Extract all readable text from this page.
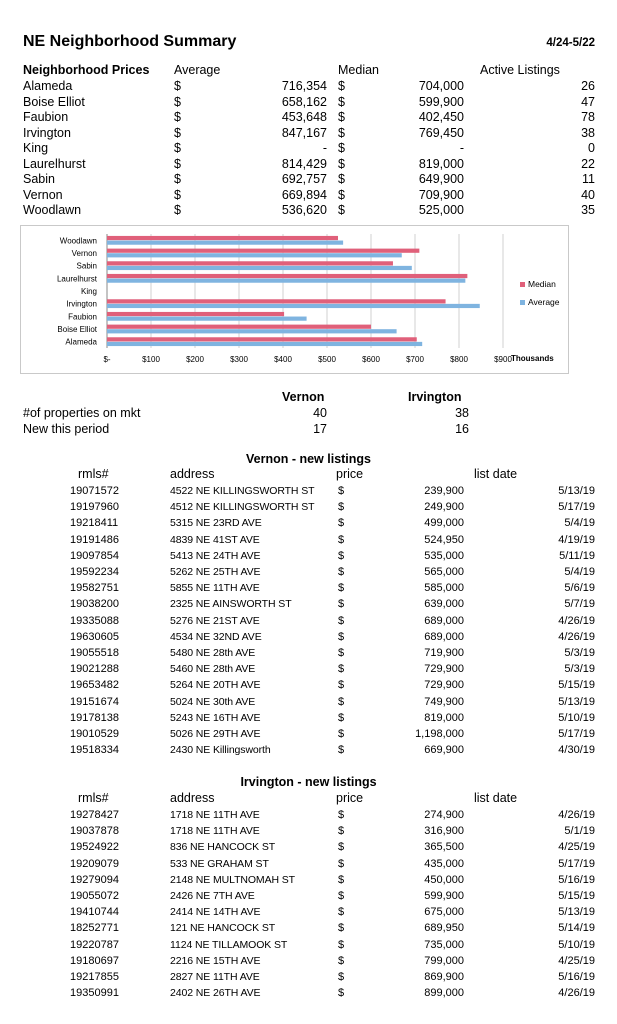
NE Neighborhood Summary	4/24-5/22
Neighborhood Prices Average	Median	Active Listings
Alameda	$	716,354 $	704,000	26
Boise Elliot	$	658,162 $	599,900	47
Faubion	$	453,648 $	402,450	78
Irvington	$	847,167 $	769,450	38
King	$	- $	-	0
Laurelhurst	$	814,429 $	819,000	22
Sabin	$	692,757 $	649,900	11
Vernon	$	669,894 $	709,900	40
Woodlawn	$	536,620 $	525,000	35
$-	$100	$200	$300	$400	$500	$600	$700	$800	$900 Thousands
Woodlawn
Vernon
Sabin
Laurelhurst
King
Irvington
Faubion
Boise Elliot
Alameda
Median
Average
Vernon	Irvington
#of properties on mkt	40	38
New this period	17	16
Vernon - new listings
rmls#	address	price	list date
19071572	4522 NE KILLINGSWORTH ST $	239,900	5/13/19
19197960	4512 NE KILLINGSWORTH ST $	249,900	5/17/19
19218411	5315 NE 23RD AVE	$	499,000	5/4/19
19191486	4839 NE 41ST AVE	$	524,950	4/19/19
19097854	5413 NE 24TH AVE	$	535,000	5/11/19
19592234	5262 NE 25TH AVE	$	565,000	5/4/19
19582751	5855 NE 11TH AVE	$	585,000	5/6/19
19038200	2325 NE AINSWORTH ST	$	639,000	5/7/19
19335088	5276 NE 21ST AVE	$	689,000	4/26/19
19630605	4534 NE 32ND AVE	$	689,000	4/26/19
19055518	5480 NE 28th AVE	$	719,900	5/3/19
19021288	5460 NE 28th AVE	$	729,900	5/3/19
19653482	5264 NE 20TH AVE	$	729,900	5/15/19
19151674	5024 NE 30th AVE	$	749,900	5/13/19
19178138	5243 NE 16TH AVE	$	819,000	5/10/19
19010529	5026 NE 29TH AVE	$	1,198,000	5/17/19
19518334	2430 NE Killingsworth	$	669,900	4/30/19
Irvington - new listings
rmls#	address	price	list date
19278427	1718 NE 11TH AVE	$	274,900	4/26/19
19037878	1718 NE 11TH AVE	$	316,900	5/1/19
19524922	836 NE HANCOCK ST	$	365,500	4/25/19
19209079	533 NE GRAHAM ST	$	435,000	5/17/19
19279094	2148 NE MULTNOMAH ST	$	450,000	5/16/19
19055072	2426 NE 7TH AVE	$	599,900	5/15/19
19410744	2414 NE 14TH AVE	$	675,000	5/13/19
18252771	121 NE HANCOCK ST	$	689,950	5/14/19
19220787	1124 NE TILLAMOOK ST	$	735,000	5/10/19
19180697	2216 NE 15TH AVE	$	799,000	4/25/19
19217855	2827 NE 11TH AVE	$	869,900	5/16/19
19350991	2402 NE 26TH AVE	$	899,000	4/26/19
